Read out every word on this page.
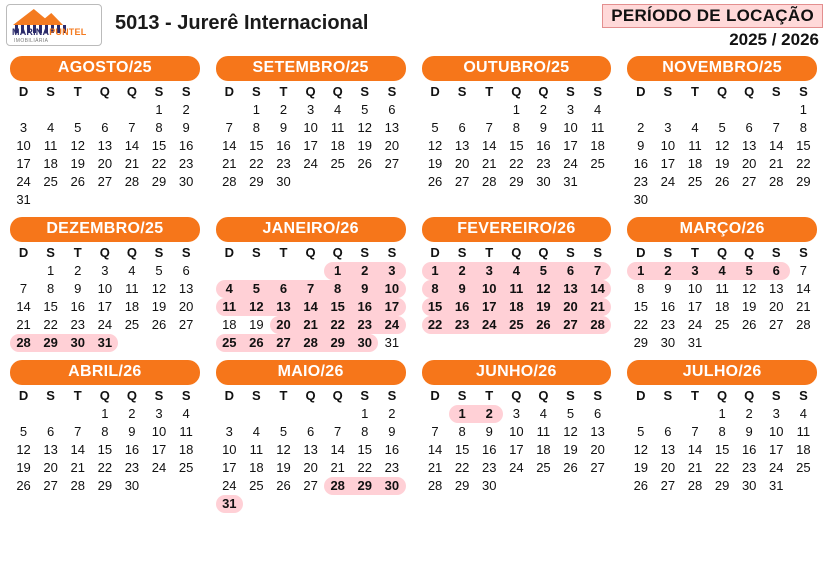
MARINAPUNTEL
IMOBILIÁRIA
5013 - Jurerê Internacional	PERÍODO DE LOCAÇÃO
2025 / 2026
AGOSTO/25
D	S	T	Q	Q	S	S
					1	2
3	4	5	6	7	8	9
10	11	12	13	14	15	16
17	18	19	20	21	22	23
24	25	26	27	28	29	30
31						
SETEMBRO/25
D	S	T	Q	Q	S	S
	1	2	3	4	5	6
7	8	9	10	11	12	13
14	15	16	17	18	19	20
21	22	23	24	25	26	27
28	29	30				
OUTUBRO/25
D	S	T	Q	Q	S	S
			1	2	3	4
5	6	7	8	9	10	11
12	13	14	15	16	17	18
19	20	21	22	23	24	25
26	27	28	29	30	31	
NOVEMBRO/25
D	S	T	Q	Q	S	S
						1
2	3	4	5	6	7	8
9	10	11	12	13	14	15
16	17	18	19	20	21	22
23	24	25	26	27	28	29
30						
DEZEMBRO/25
D	S	T	Q	Q	S	S
	1	2	3	4	5	6
7	8	9	10	11	12	13
14	15	16	17	18	19	20
21	22	23	24	25	26	27
28	29	30	31			
JANEIRO/26
D	S	T	Q	Q	S	S
				1	2	3
4	5	6	7	8	9	10
11	12	13	14	15	16	17
18	19	20	21	22	23	24
25	26	27	28	29	30	31
FEVEREIRO/26
D	S	T	Q	Q	S	S
1	2	3	4	5	6	7
8	9	10	11	12	13	14
15	16	17	18	19	20	21
22	23	24	25	26	27	28
MARÇO/26
D	S	T	Q	Q	S	S
1	2	3	4	5	6	7
8	9	10	11	12	13	14
15	16	17	18	19	20	21
22	23	24	25	26	27	28
29	30	31				
ABRIL/26
D	S	T	Q	Q	S	S
			1	2	3	4
5	6	7	8	9	10	11
12	13	14	15	16	17	18
19	20	21	22	23	24	25
26	27	28	29	30		
MAIO/26
D	S	T	Q	Q	S	S
					1	2
3	4	5	6	7	8	9
10	11	12	13	14	15	16
17	18	19	20	21	22	23
24	25	26	27	28	29	30
31						
JUNHO/26
D	S	T	Q	Q	S	S
	1	2	3	4	5	6
7	8	9	10	11	12	13
14	15	16	17	18	19	20
21	22	23	24	25	26	27
28	29	30				
JULHO/26
D	S	T	Q	Q	S	S
			1	2	3	4
5	6	7	8	9	10	11
12	13	14	15	16	17	18
19	20	21	22	23	24	25
26	27	28	29	30	31	
